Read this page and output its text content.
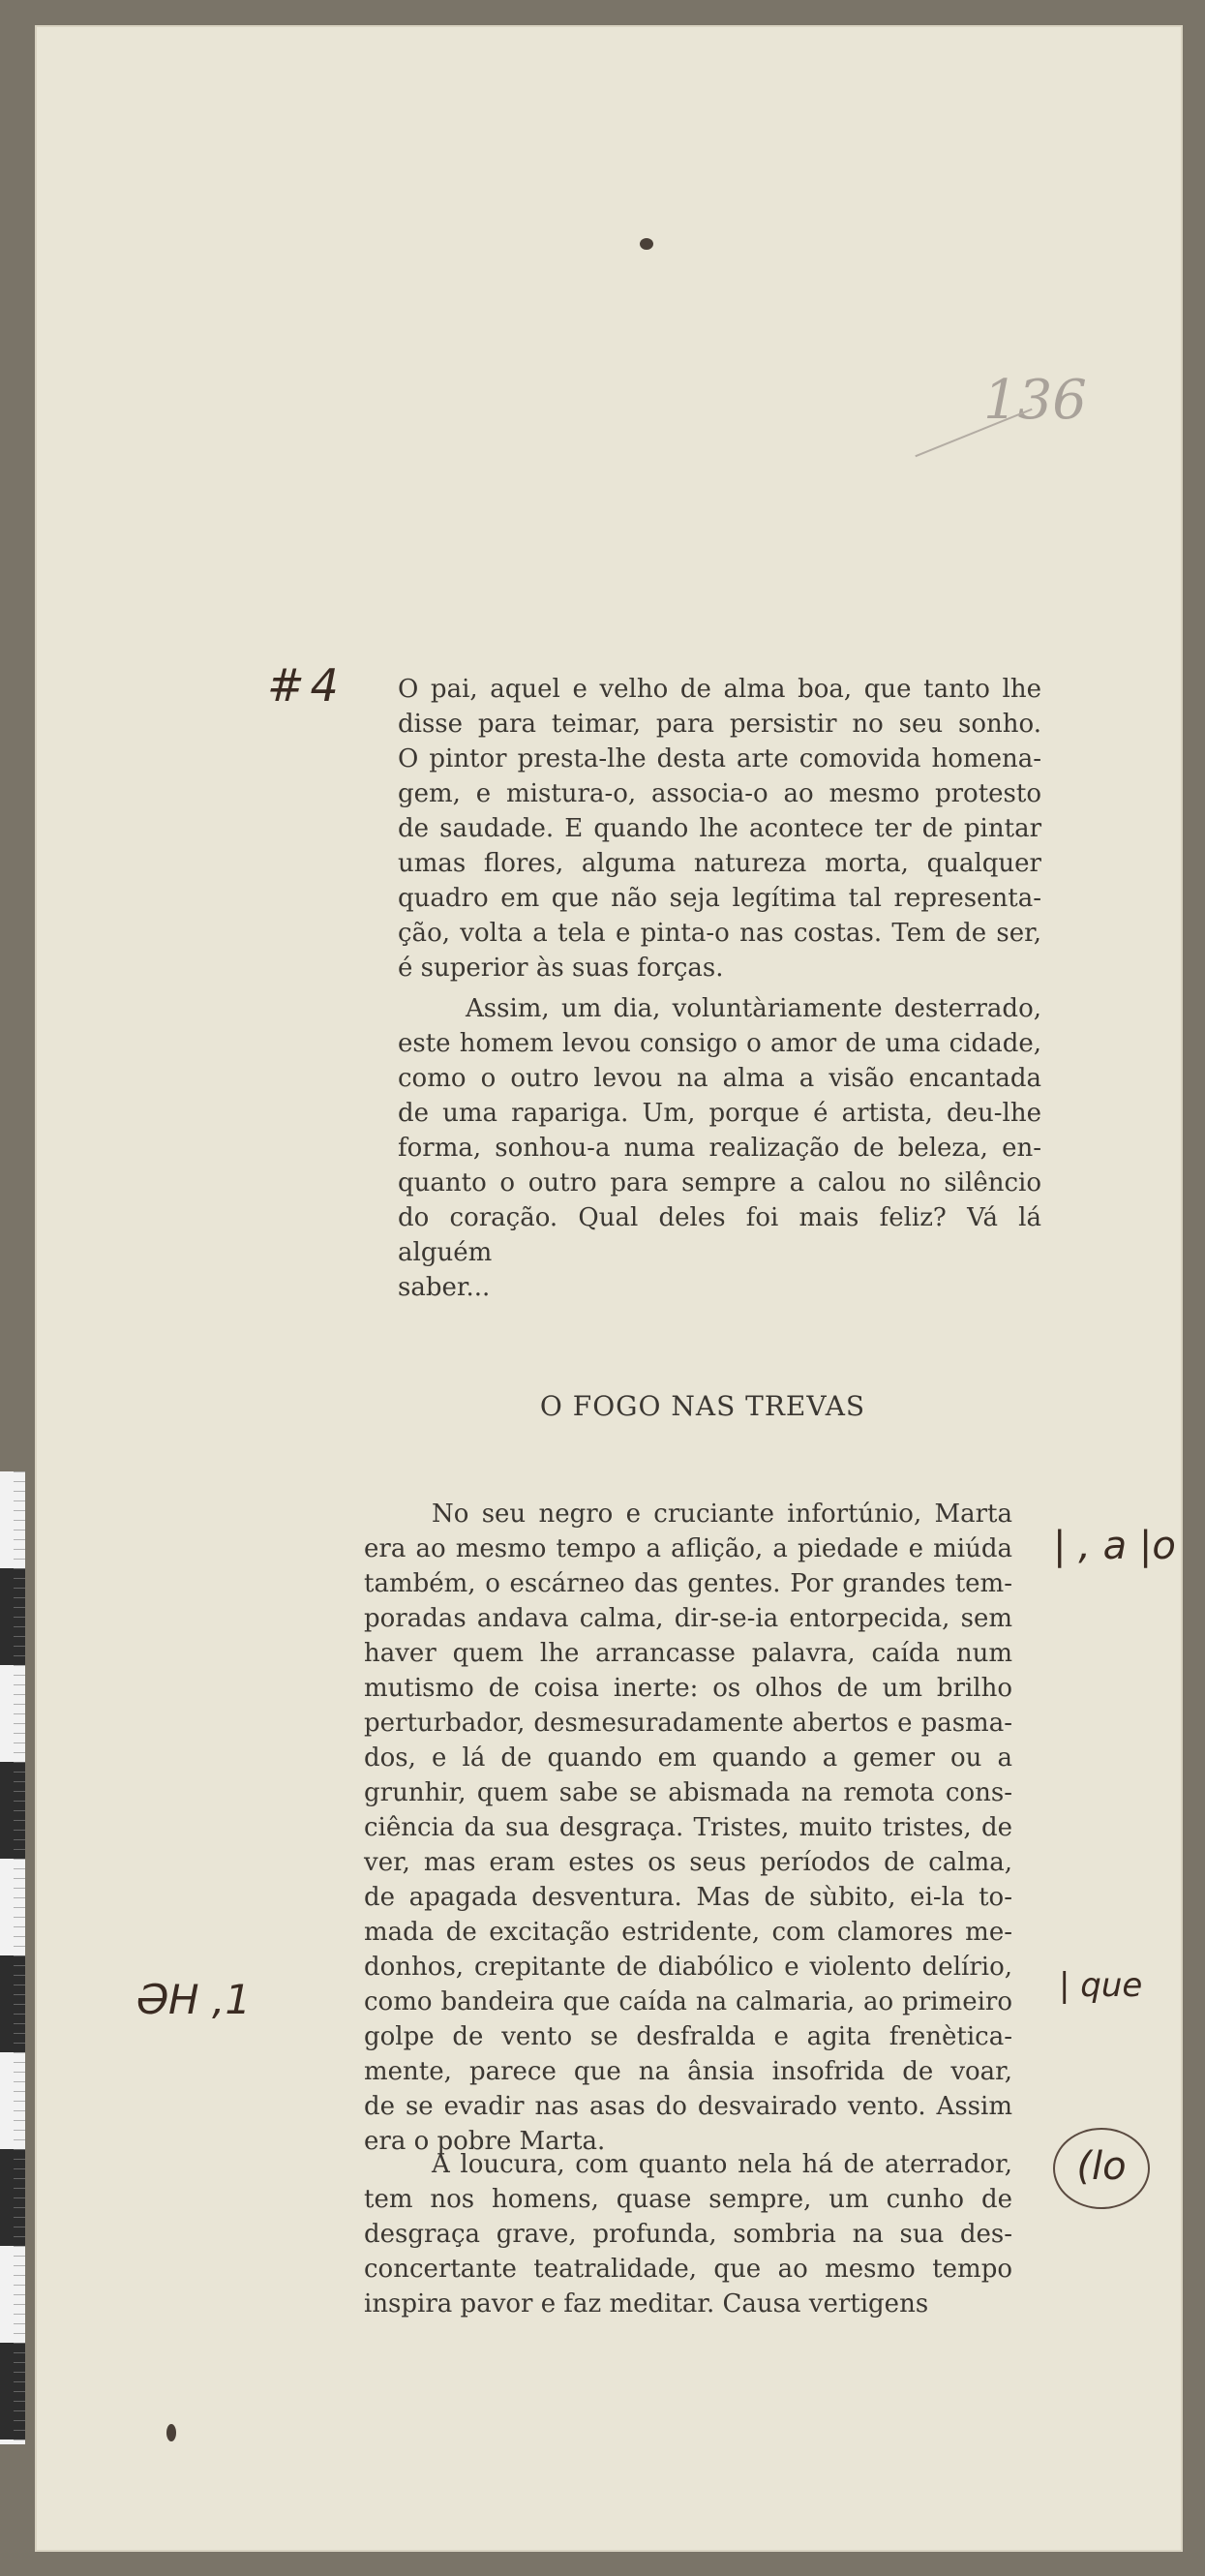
136
#4
ƏH ,1
| , a |o
| que
(lo
O pai, aquel e velho de alma boa, que tanto lhe
disse para teimar, para persistir no seu sonho.
O pintor presta-lhe desta arte comovida homena-
gem, e mistura-o, associa-o ao mesmo protesto
de saudade. E quando lhe acontece ter de pintar
umas flores, alguma natureza morta, qualquer
quadro em que não seja legítima tal representa-
ção, volta a tela e pinta-o nas costas. Tem de ser,
é superior às suas forças.
Assim, um dia, voluntàriamente desterrado,
este homem levou consigo o amor de uma cidade,
como o outro levou na alma a visão encantada
de uma rapariga. Um, porque é artista, deu-lhe
forma, sonhou-a numa realização de beleza, en-
quanto o outro para sempre a calou no silêncio
do coração. Qual deles foi mais feliz? Vá lá alguém
saber...
O FOGO NAS TREVAS
No seu negro e cruciante infortúnio, Marta
era ao mesmo tempo a aflição, a piedade e miúda
também, o escárneo das gentes. Por grandes tem-
poradas andava calma, dir-se-ia entorpecida, sem
haver quem lhe arrancasse palavra, caída num
mutismo de coisa inerte: os olhos de um brilho
perturbador, desmesuradamente abertos e pasma-
dos, e lá de quando em quando a gemer ou a
grunhir, quem sabe se abismada na remota cons-
ciência da sua desgraça. Tristes, muito tristes, de
ver, mas eram estes os seus períodos de calma,
de apagada desventura. Mas de sùbito, ei-la to-
mada de excitação estridente, com clamores me-
donhos, crepitante de diabólico e violento delírio,
como bandeira que caída na calmaria, ao primeiro
golpe de vento se desfralda e agita frenètica-
mente, parece que na ânsia insofrida de voar,
de se evadir nas asas do desvairado vento. Assim
era o pobre Marta.
A loucura, com quanto nela há de aterrador,
tem nos homens, quase sempre, um cunho de
desgraça grave, profunda, sombria na sua des-
concertante teatralidade, que ao mesmo tempo
inspira pavor e faz meditar. Causa vertigens
